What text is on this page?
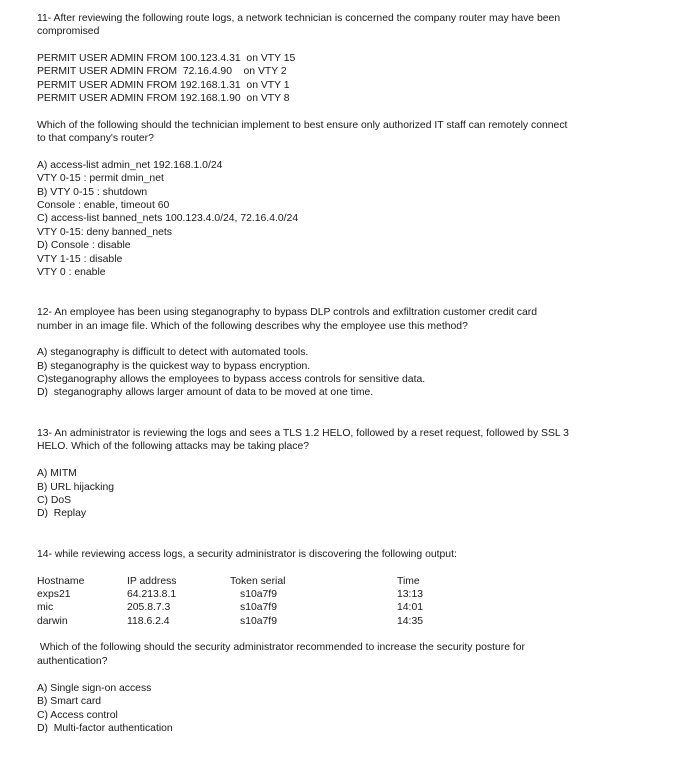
11- After reviewing the following route logs, a network technician is concerned the company router may have been
compromised
PERMIT USER ADMIN FROM 100.123.4.31  on VTY 15
PERMIT USER ADMIN FROM  72.16.4.90    on VTY 2
PERMIT USER ADMIN FROM 192.168.1.31  on VTY 1
PERMIT USER ADMIN FROM 192.168.1.90  on VTY 8
Which of the following should the technician implement to best ensure only authorized IT staff can remotely connect
to that company's router?
A) access-list admin_net 192.168.1.0/24
VTY 0-15 : permit dmin_net
B) VTY 0-15 : shutdown
Console : enable, timeout 60
C) access-list banned_nets 100.123.4.0/24, 72.16.4.0/24
VTY 0-15: deny banned_nets
D) Console : disable
VTY 1-15 : disable
VTY 0 : enable
12- An employee has been using steganography to bypass DLP controls and exfiltration customer credit card
number in an image file. Which of the following describes why the employee use this method?
A) steganography is difficult to detect with automated tools.
B) steganography is the quickest way to bypass encryption.
C)steganography allows the employees to bypass access controls for sensitive data.
D)  steganography allows larger amount of data to be moved at one time.
13- An administrator is reviewing the logs and sees a TLS 1.2 HELO, followed by a reset request, followed by SSL 3
HELO. Which of the following attacks may be taking place?
A) MITM
B) URL hijacking
C) DoS
D)  Replay
14- while reviewing access logs, a security administrator is discovering the following output:
Hostname	IP address	Token serial	Time
exps21	64.213.8.1	s10a7f9	13:13
mic	205.8.7.3	s10a7f9	14:01
darwin	118.6.2.4	s10a7f9	14:35
Which of the following should the security administrator recommended to increase the security posture for
authentication?
A) Single sign-on access
B) Smart card
C) Access control
D)  Multi-factor authentication
